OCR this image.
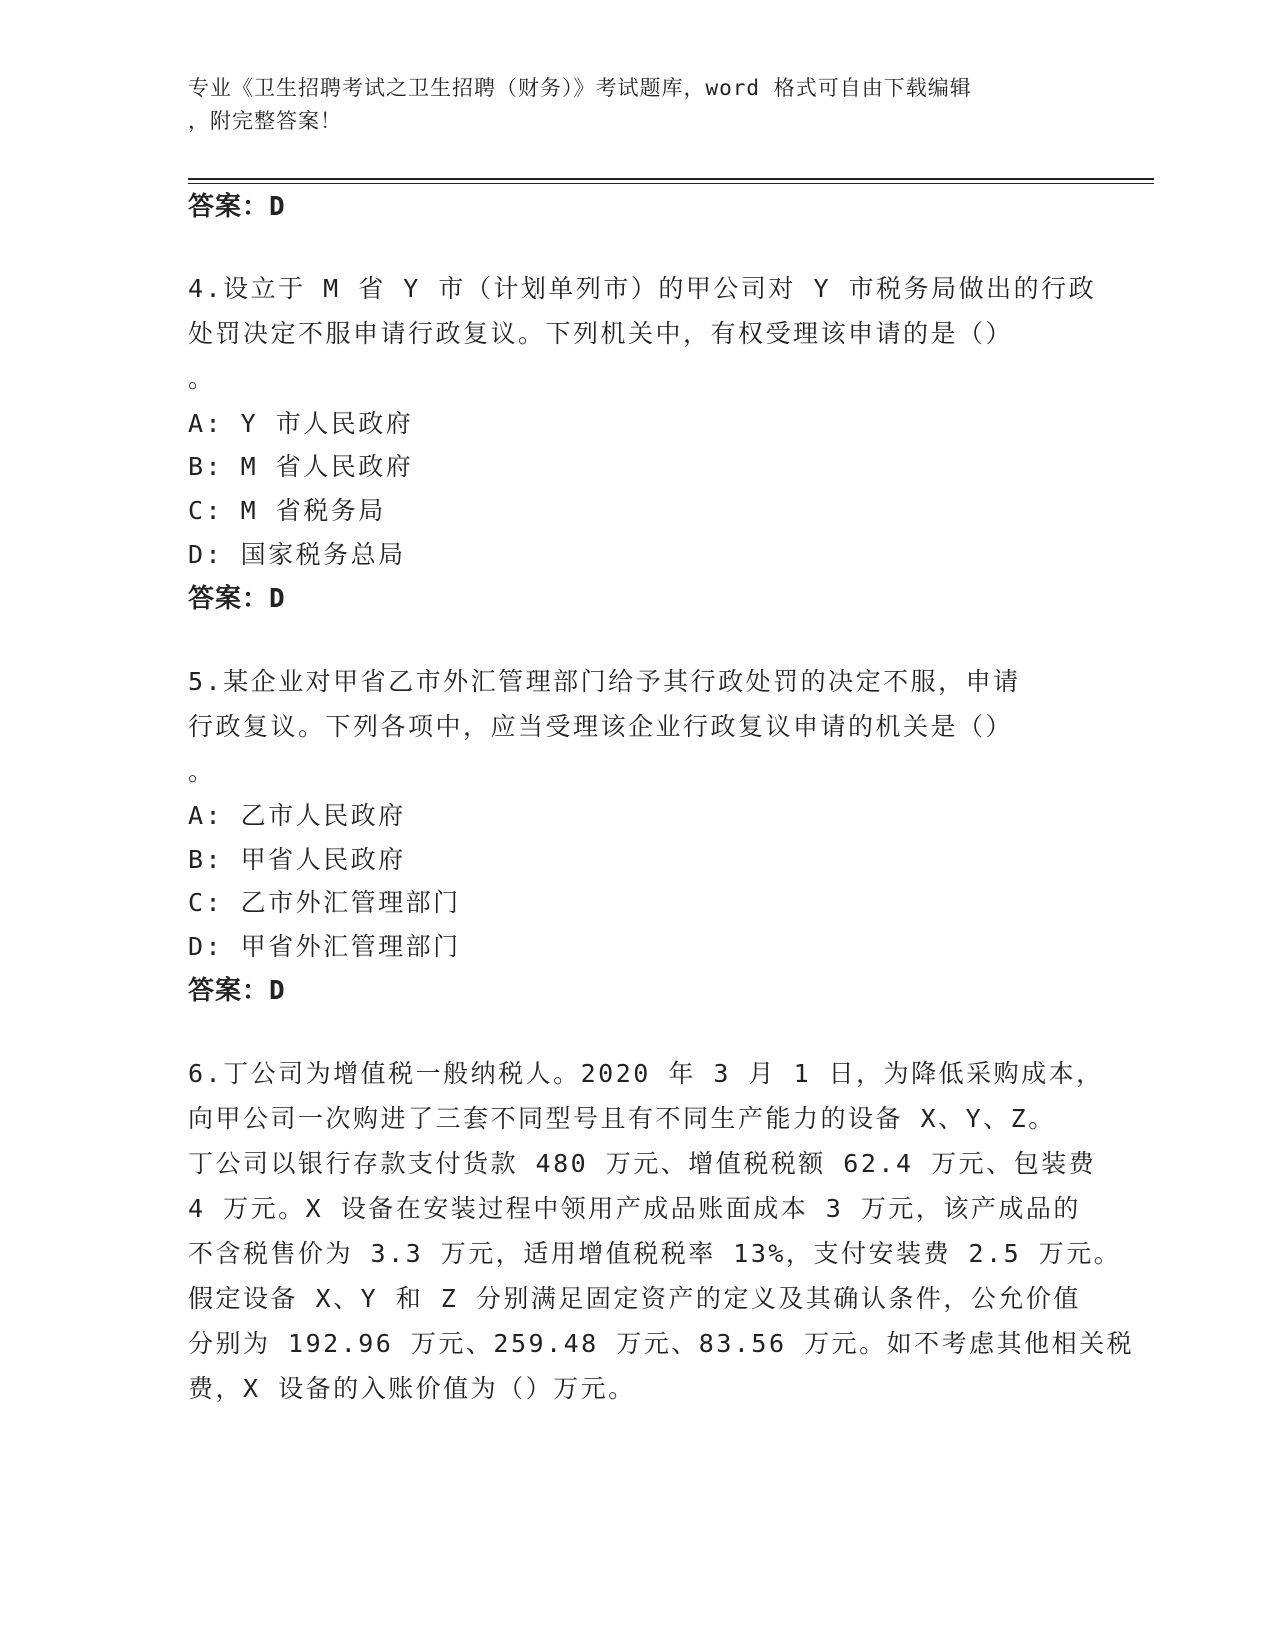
专业《卫生招聘考试之卫生招聘（财务）》考试题库，word 格式可自由下载编辑
，附完整答案！
答案：D
4.设立于 M 省 Y 市（计划单列市）的甲公司对 Y 市税务局做出的行政
处罚决定不服申请行政复议。下列机关中，有权受理该申请的是（）
。
A: Y 市人民政府
B: M 省人民政府
C: M 省税务局
D: 国家税务总局
答案：D
5.某企业对甲省乙市外汇管理部门给予其行政处罚的决定不服，申请
行政复议。下列各项中，应当受理该企业行政复议申请的机关是（）
。
A: 乙市人民政府
B: 甲省人民政府
C: 乙市外汇管理部门
D: 甲省外汇管理部门
答案：D
6.丁公司为增值税一般纳税人。2020 年 3 月 1 日，为降低采购成本，
向甲公司一次购进了三套不同型号且有不同生产能力的设备 X、Y、Z。
丁公司以银行存款支付货款 480 万元、增值税税额 62.4 万元、包装费
4 万元。X 设备在安装过程中领用产成品账面成本 3 万元，该产成品的
不含税售价为 3.3 万元，适用增值税税率 13%，支付安装费 2.5 万元。
假定设备 X、Y 和 Z 分别满足固定资产的定义及其确认条件，公允价值
分别为 192.96 万元、259.48 万元、83.56 万元。如不考虑其他相关税
费，X 设备的入账价值为（）万元。
